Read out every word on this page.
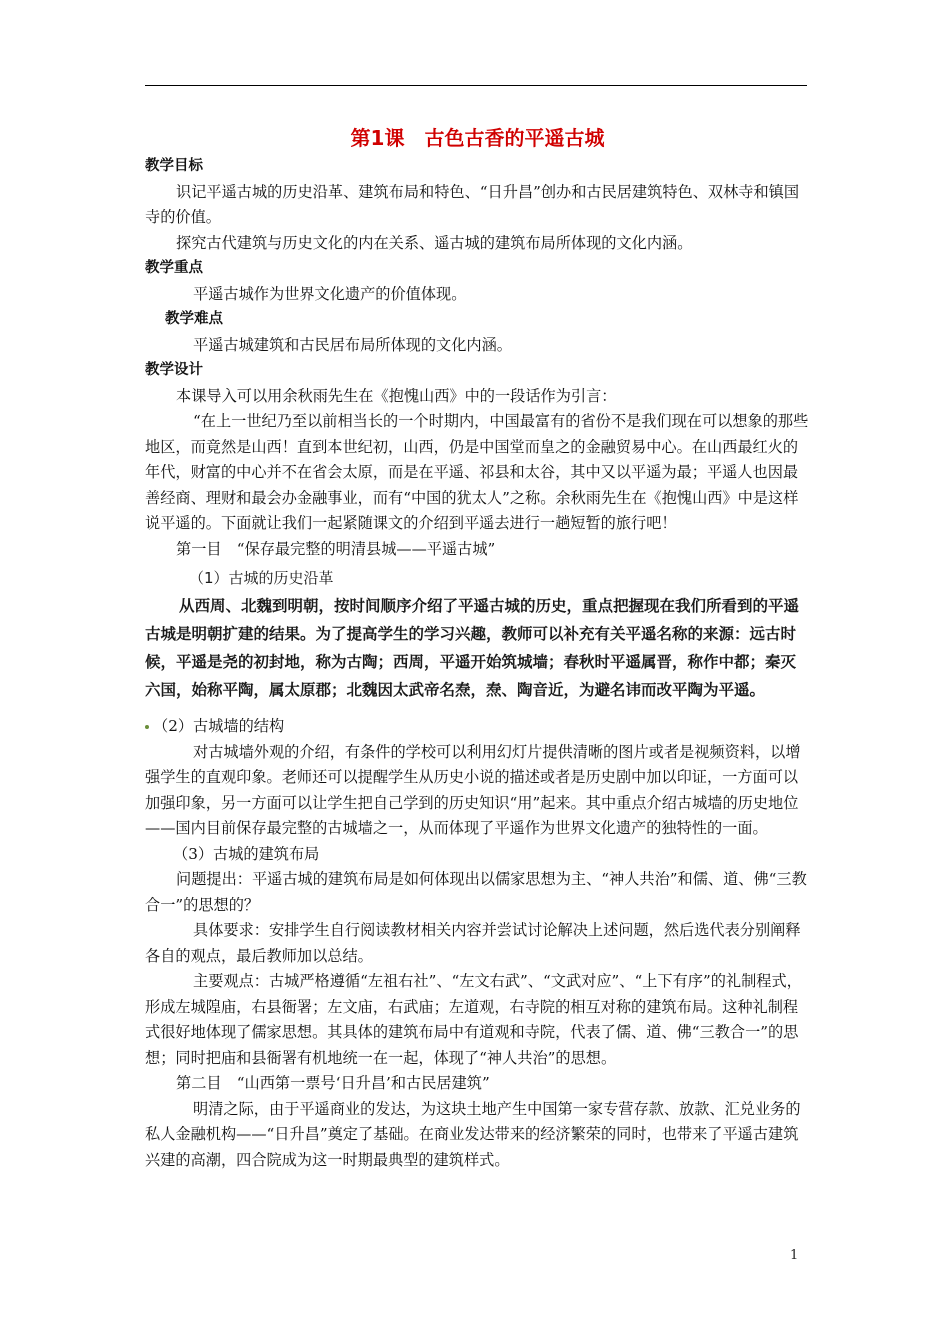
第1课　古色古香的平遥古城
教学目标

识记平遥古城的历史沿革、建筑布局和特色、“日升昌”创办和古民居建筑特色、双林寺和镇国寺的价值。

探究古代建筑与历史文化的内在关系、遥古城的建筑布局所体现的文化内涵。

教学重点

平遥古城作为世界文化遗产的价值体现。

教学难点

平遥古城建筑和古民居布局所体现的文化内涵。

教学设计

本课导入可以用余秋雨先生在《抱愧山西》中的一段话作为引言：

“在上一世纪乃至以前相当长的一个时期内，中国最富有的省份不是我们现在可以想象的那些地区，而竟然是山西！直到本世纪初，山西，仍是中国堂而皇之的金融贸易中心。在山西最红火的年代，财富的中心并不在省会太原，而是在平遥、祁县和太谷，其中又以平遥为最；平遥人也因最善经商、理财和最会办金融事业，而有“中国的犹太人”之称。余秋雨先生在《抱愧山西》中是这样说平遥的。下面就让我们一起紧随课文的介绍到平遥去进行一趟短暂的旅行吧！

第一目　“保存最完整的明清县城——平遥古城”

（1）古城的历史沿革
从西周、北魏到明朝，按时间顺序介绍了平遥古城的历史，重点把握现在我们所看到的平遥古城是明朝扩建的结果。为了提高学生的学习兴趣，教师可以补充有关平遥名称的来源：远古时候，平遥是尧的初封地，称为古陶；西周，平遥开始筑城墙；春秋时平遥属晋，称作中都；秦灭六国，始称平陶，属太原郡；北魏因太武帝名焘，焘、陶音近，为避名讳而改平陶为平遥。

（2）古城墙的结构

对古城墙外观的介绍，有条件的学校可以利用幻灯片提供清晰的图片或者是视频资料，以增强学生的直观印象。老师还可以提醒学生从历史小说的描述或者是历史剧中加以印证，一方面可以加强印象，另一方面可以让学生把自己学到的历史知识“用”起来。其中重点介绍古城墙的历史地位——国内目前保存最完整的古城墙之一，从而体现了平遥作为世界文化遗产的独特性的一面。

（3）古城的建筑布局

问题提出：平遥古城的建筑布局是如何体现出以儒家思想为主、“神人共治”和儒、道、佛“三教合一”的思想的？

具体要求：安排学生自行阅读教材相关内容并尝试讨论解决上述问题，然后选代表分别阐释各自的观点，最后教师加以总结。

主要观点：古城严格遵循“左祖右社”、“左文右武”、“文武对应”、“上下有序”的礼制程式，形成左城隍庙，右县衙署；左文庙，右武庙；左道观，右寺院的相互对称的建筑布局。这种礼制程式很好地体现了儒家思想。其具体的建筑布局中有道观和寺院，代表了儒、道、佛“三教合一”的思想；同时把庙和县衙署有机地统一在一起，体现了“神人共治”的思想。

第二目　“山西第一票号‘日升昌’和古民居建筑”

明清之际，由于平遥商业的发达，为这块土地产生中国第一家专营存款、放款、汇兑业务的私人金融机构——“日升昌”奠定了基础。在商业发达带来的经济繁荣的同时，也带来了平遥古建筑兴建的高潮，四合院成为这一时期最典型的建筑样式。

1
